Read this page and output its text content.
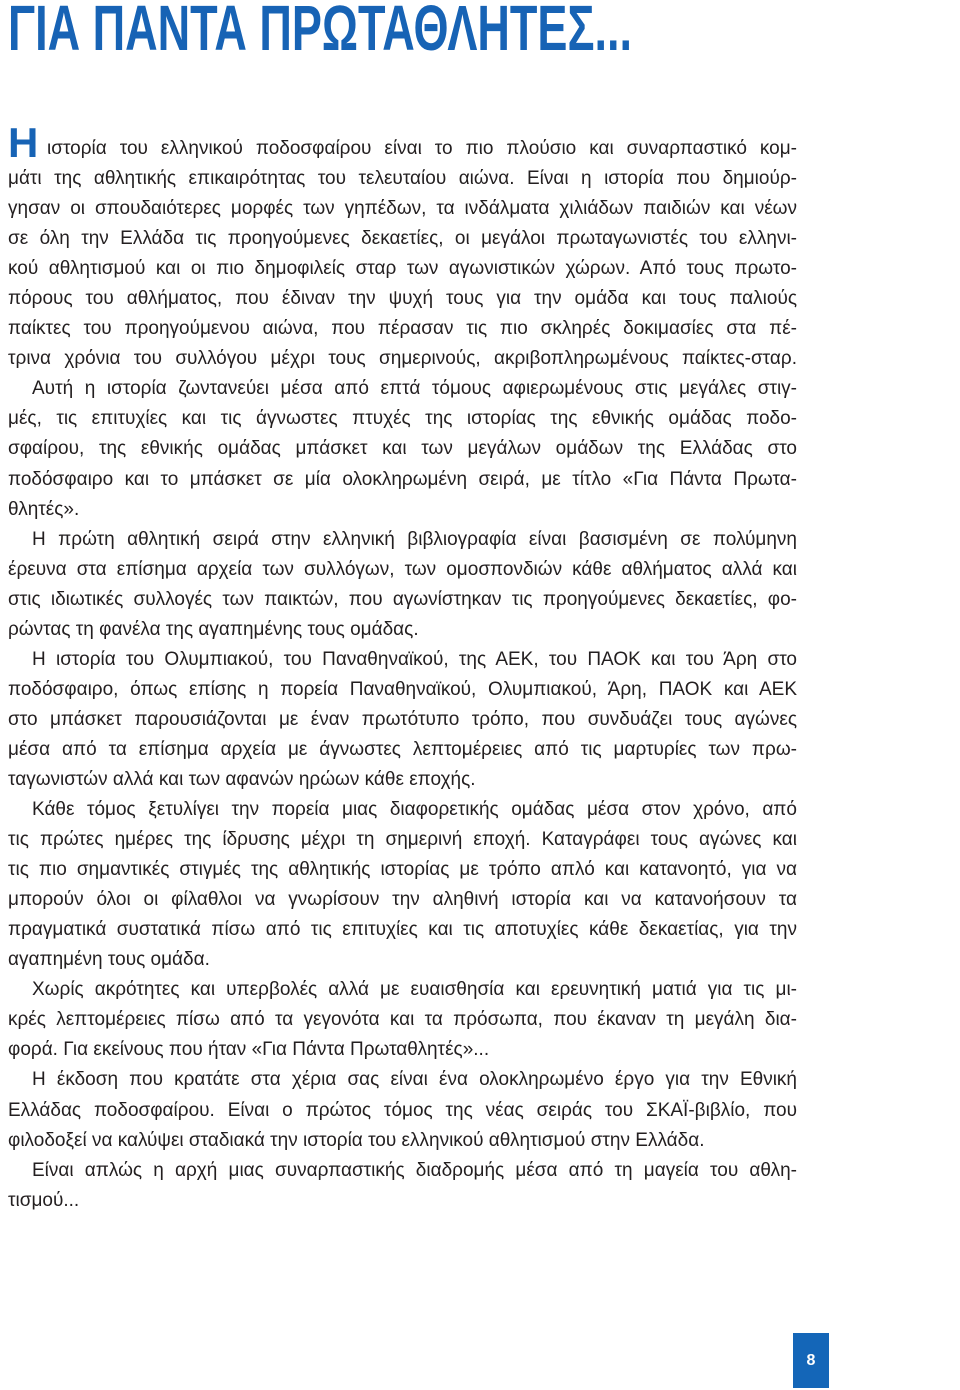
ΓΙΑ ΠΑΝΤΑ ΠΡΩΤΑΘΛΗΤΕΣ...
Η ιστορία του ελληνικού ποδοσφαίρου είναι το πιο πλούσιο και συναρπαστικό κομ-
μάτι της αθλητικής επικαιρότητας του τελευταίου αιώνα. Είναι η ιστορία που δημιούρ-
γησαν οι σπουδαιότερες μορφές των γηπέδων, τα ινδάλματα χιλιάδων παιδιών και νέων
σε όλη την Ελλάδα τις προηγούμενες δεκαετίες, οι μεγάλοι πρωταγωνιστές του ελληνι-
κού αθλητισμού και οι πιο δημοφιλείς σταρ των αγωνιστικών χώρων. Από τους πρωτο-
πόρους του αθλήματος, που έδιναν την ψυχή τους για την ομάδα και τους παλιούς
παίκτες του προηγούμενου αιώνα, που πέρασαν τις πιο σκληρές δοκιμασίες στα πέ-
τρινα χρόνια του συλλόγου μέχρι τους σημερινούς, ακριβοπληρωμένους παίκτες-σταρ.
Αυτή η ιστορία ζωντανεύει μέσα από επτά τόμους αφιερωμένους στις μεγάλες στιγ-
μές, τις επιτυχίες και τις άγνωστες πτυχές της ιστορίας της εθνικής ομάδας ποδο-
σφαίρου, της εθνικής ομάδας μπάσκετ και των μεγάλων ομάδων της Ελλάδας στο
ποδόσφαιρο και το μπάσκετ σε μία ολοκληρωμένη σειρά, με τίτλο «Για Πάντα Πρωτα-
θλητές».
Η πρώτη αθλητική σειρά στην ελληνική βιβλιογραφία είναι βασισμένη σε πολύμηνη
έρευνα στα επίσημα αρχεία των συλλόγων, των ομοσπονδιών κάθε αθλήματος αλλά και
στις ιδιωτικές συλλογές των παικτών, που αγωνίστηκαν τις προηγούμενες δεκαετίες, φο-
ρώντας τη φανέλα της αγαπημένης τους ομάδας.
Η ιστορία του Ολυμπιακού, του Παναθηναϊκού, της ΑΕΚ, του ΠΑΟΚ και του Άρη στο
ποδόσφαιρο, όπως επίσης η πορεία Παναθηναϊκού, Ολυμπιακού, Άρη, ΠΑΟΚ και ΑΕΚ
στο μπάσκετ παρουσιάζονται με έναν πρωτότυπο τρόπο, που συνδυάζει τους αγώνες
μέσα από τα επίσημα αρχεία με άγνωστες λεπτομέρειες από τις μαρτυρίες των πρω-
ταγωνιστών αλλά και των αφανών ηρώων κάθε εποχής.
Κάθε τόμος ξετυλίγει την πορεία μιας διαφορετικής ομάδας μέσα στον χρόνο, από
τις πρώτες ημέρες της ίδρυσης μέχρι τη σημερινή εποχή. Καταγράφει τους αγώνες και
τις πιο σημαντικές στιγμές της αθλητικής ιστορίας με τρόπο απλό και κατανοητό, για να
μπορούν όλοι οι φίλαθλοι να γνωρίσουν την αληθινή ιστορία και να κατανοήσουν τα
πραγματικά συστατικά πίσω από τις επιτυχίες και τις αποτυχίες κάθε δεκαετίας, για την
αγαπημένη τους ομάδα.
Χωρίς ακρότητες και υπερβολές αλλά με ευαισθησία και ερευνητική ματιά για τις μι-
κρές λεπτομέρειες πίσω από τα γεγονότα και τα πρόσωπα, που έκαναν τη μεγάλη δια-
φορά. Για εκείνους που ήταν «Για Πάντα Πρωταθλητές»...
Η έκδοση που κρατάτε στα χέρια σας είναι ένα ολοκληρωμένο έργο για την Εθνική
Ελλάδας ποδοσφαίρου. Είναι ο πρώτος τόμος της νέας σειράς του ΣΚΑΪ-βιβλίο, που
φιλοδοξεί να καλύψει σταδιακά την ιστορία του ελληνικού αθλητισμού στην Ελλάδα.
Είναι απλώς η αρχή μιας συναρπαστικής διαδρομής μέσα από τη μαγεία του αθλη-
τισμού...
8
